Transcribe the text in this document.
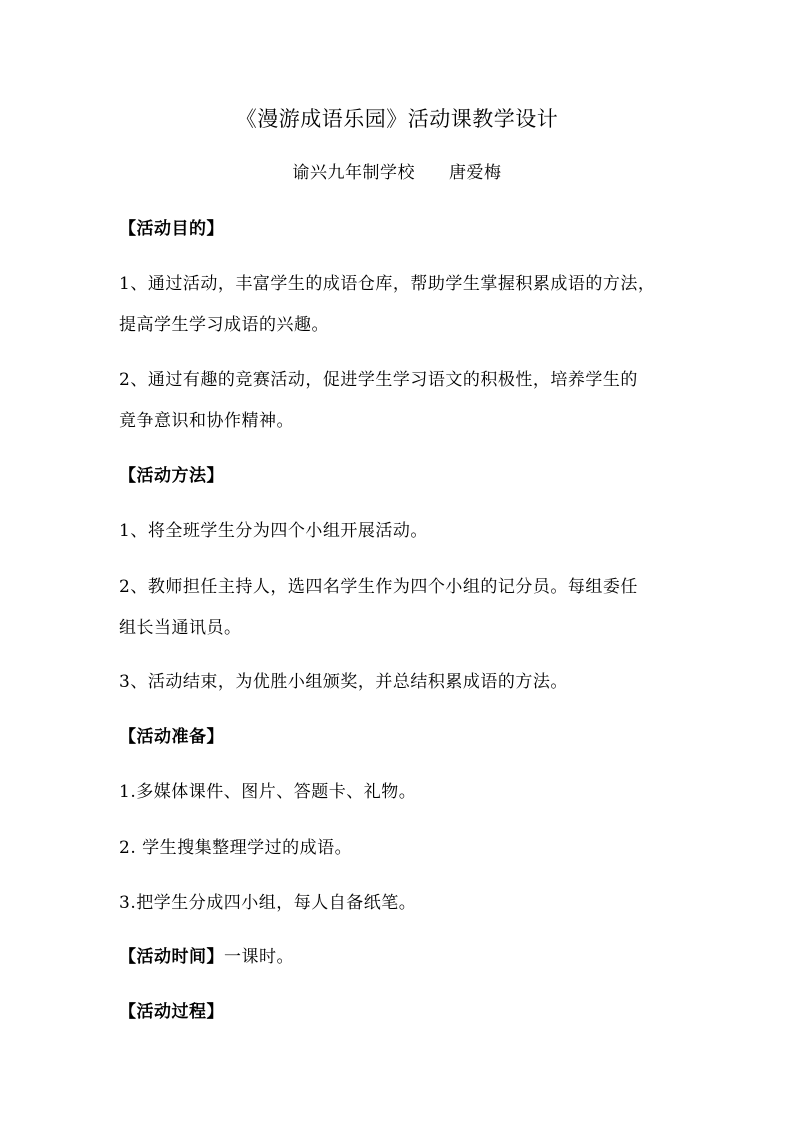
《漫游成语乐园》活动课教学设计
谕兴九年制学校 唐爱梅
【活动目的】
1、通过活动，丰富学生的成语仓库，帮助学生掌握积累成语的方法，
提高学生学习成语的兴趣。
2、通过有趣的竞赛活动，促进学生学习语文的积极性，培养学生的
竟争意识和协作精神。
【活动方法】
1、将全班学生分为四个小组开展活动。
2、教师担任主持人，选四名学生作为四个小组的记分员。每组委任
组长当通讯员。
3、活动结束，为优胜小组颁奖，并总结积累成语的方法。
【活动准备】
1.多媒体课件、图片、答题卡、礼物。
2. 学生搜集整理学过的成语。
3.把学生分成四小组，每人自备纸笔。
【活动时间】一课时。
【活动过程】
